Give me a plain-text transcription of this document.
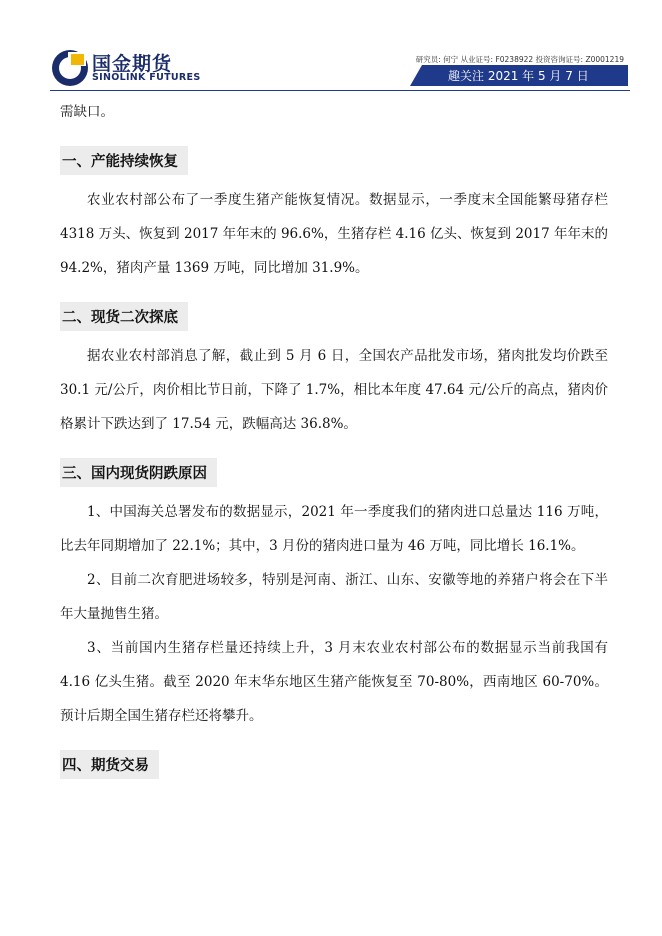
国金期货
SINOLINK FUTURES
研究员: 何宁 从业证号: F0238922 投资咨询证号: Z0001219
趣关注 2021 年 5 月 7 日

需缺口。

一、产能持续恢复

农业农村部公布了一季度生猪产能恢复情况。数据显示，一季度末全国能繁母猪存栏 4318 万头、恢复到 2017 年年末的 96.6%，生猪存栏 4.16 亿头、恢复到 2017 年年末的 94.2%，猪肉产量 1369 万吨，同比增加 31.9%。

二、现货二次探底

据农业农村部消息了解，截止到 5 月 6 日，全国农产品批发市场，猪肉批发均价跌至 30.1 元/公斤，肉价相比节日前，下降了 1.7%，相比本年度 47.64 元/公斤的高点，猪肉价格累计下跌达到了 17.54 元，跌幅高达 36.8%。

三、国内现货阴跌原因

1、中国海关总署发布的数据显示，2021 年一季度我们的猪肉进口总量达 116 万吨，比去年同期增加了 22.1%；其中，3 月份的猪肉进口量为 46 万吨，同比增长 16.1%。

2、目前二次育肥进场较多，特别是河南、浙江、山东、安徽等地的养猪户将会在下半年大量抛售生猪。

3、当前国内生猪存栏量还持续上升，3 月末农业农村部公布的数据显示当前我国有 4.16 亿头生猪。截至 2020 年末华东地区生猪产能恢复至 70-80%，西南地区 60-70%。预计后期全国生猪存栏还将攀升。

四、期货交易
